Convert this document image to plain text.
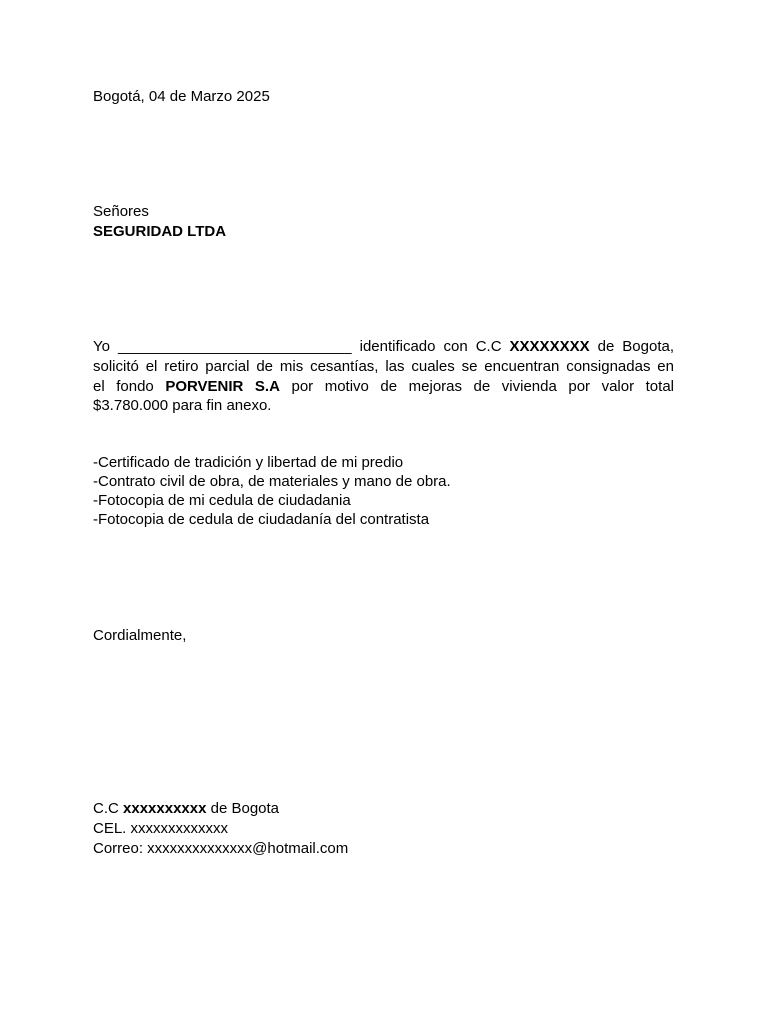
Bogotá, 04 de Marzo 2025
Señores
SEGURIDAD LTDA
Yo ____________________________ identificado con C.C XXXXXXXX de Bogota,
solicitó el retiro parcial de mis cesantías, las cuales se encuentran consignadas en
el fondo PORVENIR S.A por motivo de mejoras de vivienda por valor total
$3.780.000 para fin anexo.
-Certificado de tradición y libertad de mi predio
-Contrato civil de obra, de materiales y mano de obra.
-Fotocopia de mi cedula de ciudadania
-Fotocopia de cedula de ciudadanía del contratista
Cordialmente,
C.C xxxxxxxxxx de Bogota
CEL. xxxxxxxxxxxxx
Correo: xxxxxxxxxxxxxx@hotmail.com
